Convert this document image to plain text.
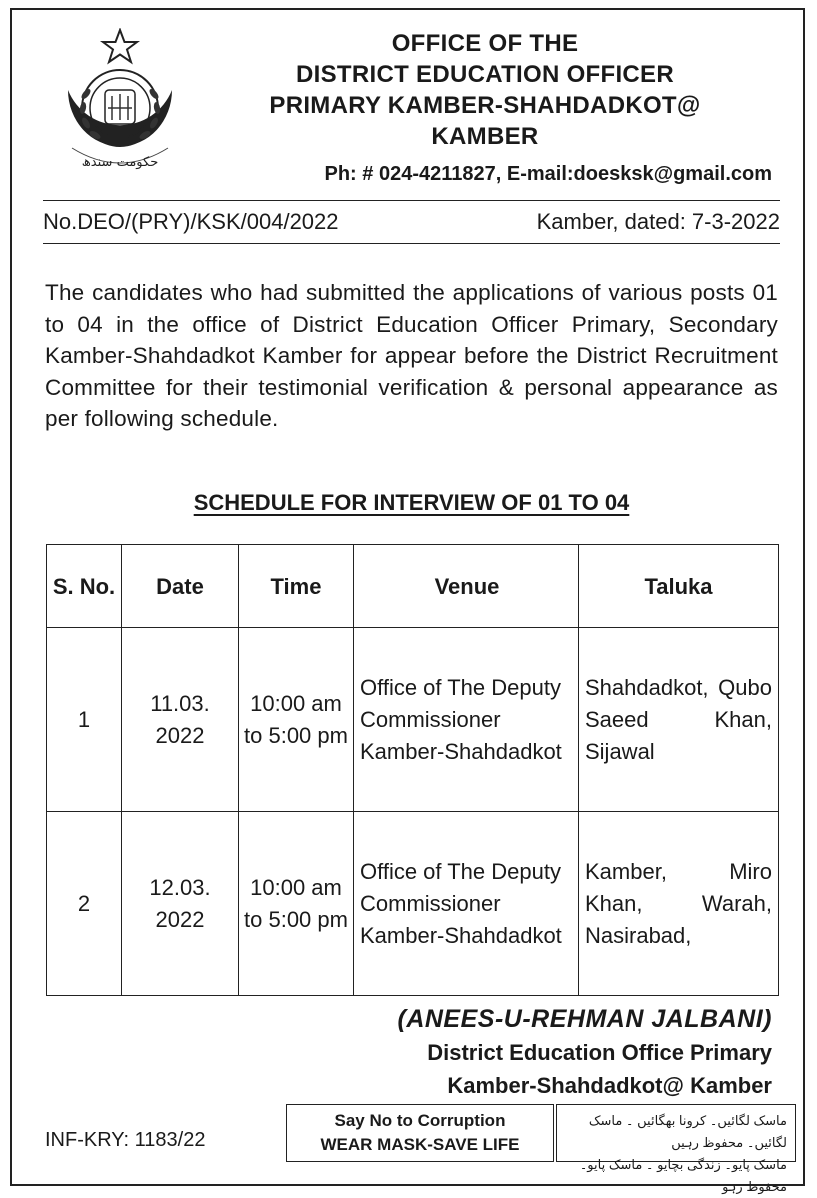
حکومت سندھ
OFFICE OF THE
DISTRICT EDUCATION OFFICER
PRIMARY KAMBER-SHAHDADKOT@
KAMBER
Ph: # 024-4211827, E-mail:doesksk@gmail.com
No.DEO/(PRY)/KSK/004/2022	Kamber, dated: 7-3-2022
The candidates who had submitted the applications of various posts 01 to 04 in the office of District Education Officer Primary, Secondary Kamber-Shahdadkot Kamber for appear before the District Recruitment Committee for their testimonial verification & personal appearance as per following schedule.
SCHEDULE FOR INTERVIEW OF 01 TO 04
S. No.	Date	Time	Venue	Taluka
1	11.03. 2022	10:00 am to 5:00 pm	Office of The Deputy Commissioner Kamber-Shahdadkot	Shahdadkot, Qubo Saeed Khan, Sijawal

2	12.03. 2022	10:00 am to 5:00 pm	Office of The Deputy Commissioner Kamber-Shahdadkot	Kamber, Miro Khan, Warah, Nasirabad,
(ANEES-U-REHMAN JALBANI)
District Education Office Primary
Kamber-Shahdadkot@ Kamber
INF-KRY: 1183/22
Say No to Corruption
WEAR MASK-SAVE LIFE
ماسک لگائیں۔ کرونا بھگائیں ۔ ماسک لگائیں۔ محفوظ رہیں
ماسک پایو۔ زندگی بچایو ۔ ماسک پایو۔ محفوظ رہو
